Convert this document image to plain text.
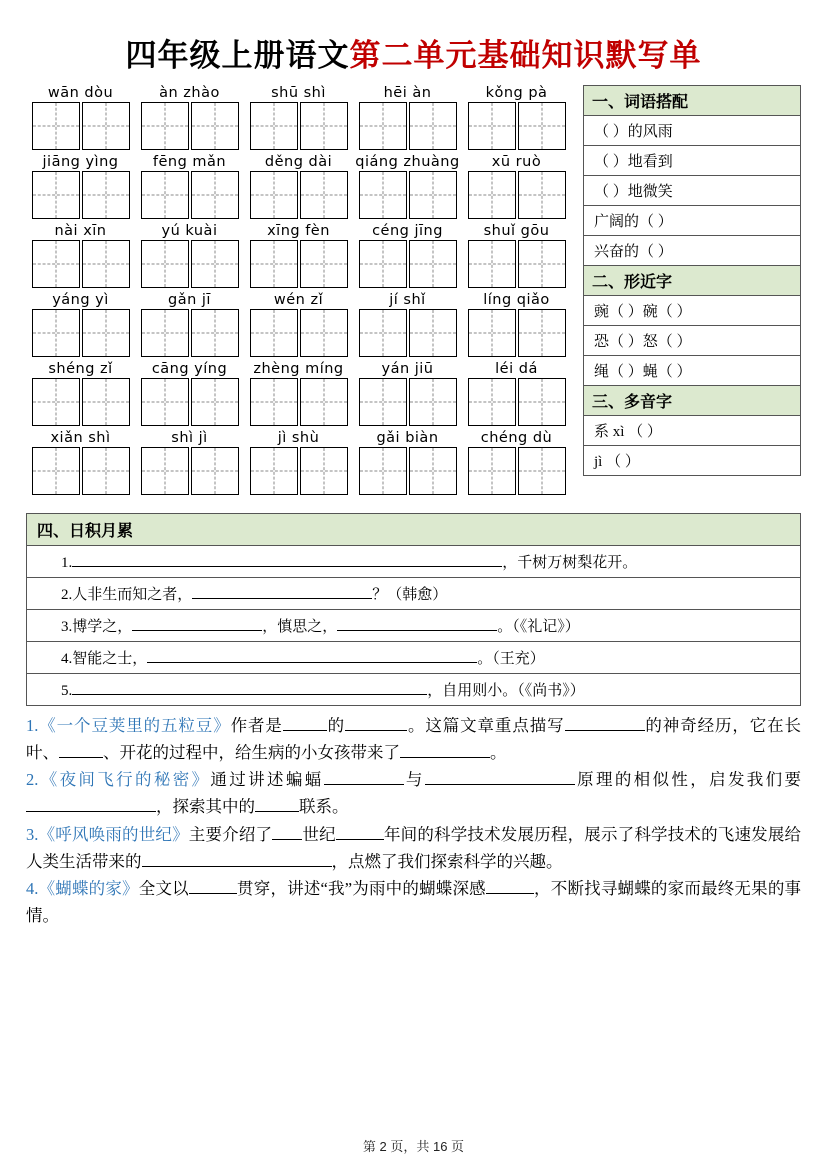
四年级上册语文第二单元基础知识默写单
wān dòu	àn zhào	shū shì	hēi àn	kǒng pà
jiāng yìng	fēng mǎn	děng dài	qiáng zhuàng	xū ruò
nài xīn	yú kuài	xīng fèn	céng jīng	shuǐ gōu
yáng yì	gǎn jī	wén zǐ	jí shǐ	líng qiǎo
shéng zǐ	cāng yíng	zhèng míng	yán jiū	léi dá
xiǎn shì	shì jì	jì shù	gǎi biàn	chéng dù
一、词语搭配
（ ）的风雨
（ ）地看到
（ ）地微笑
广阔的（ ）
兴奋的（ ）
二、形近字
豌（ ）碗（ ）
恐（ ）怒（ ）
绳（ ）蝇（ ）
三、多音字
系 xì （ ）
jì （ ）
四、日积月累
1.	，千树万树梨花开。
2.人非生而知之者，	？（韩愈）
3.博学之，	，慎思之，	。（《礼记》）
4.智能之士，	。（王充）
5.	，自用则小。（《尚书》）
1.《一个豆荚里的五粒豆》作者是	的	。这篇文章重点描写	的神奇经历，它在长叶、	、开花的过程中，给生病的小女孩带来了	。
2.《夜间飞行的秘密》通过讲述蝙蝠	与	原理的相似性，启发我们要，探索其中的	联系。
3.《呼风唤雨的世纪》主要介绍了 世纪	年间的科学技术发展历程，展示了科学技术的飞速发展给人类生活带来的	，点燃了我们探索科学的兴趣。
4.《蝴蝶的家》全文以	贯穿，讲述“我”为雨中的蝴蝶深感	，不断找寻蝴蝶的家而最终无果的事情。
第 2 页，共 16 页
